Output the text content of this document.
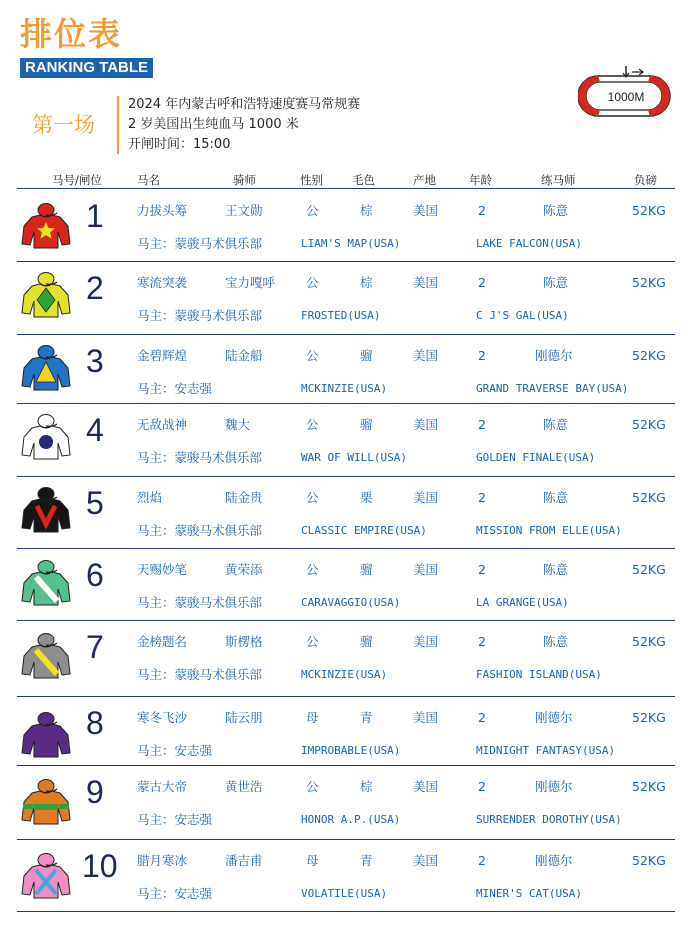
排位表
RANKING TABLE
第一场
2024 年内蒙古呼和浩特速度赛马常规赛
2 岁美国出生纯血马 1000 米
开闸时间：15:00
1000M
马号/闸位	马名	骑师	性别	毛色	产地	年龄	练马师	负磅
1	力拔头筹	王文勋	公	棕	美国	2	陈意	52KG
马主：蒙骏马术俱乐部	LIAM'S MAP(USA)	LAKE FALCON(USA)
2	寒流突袭	宝力嘎呼 公	棕	美国	2	陈意	52KG
马主：蒙骏马术俱乐部	FROSTED(USA)	C J'S GAL(USA)
3	金碧辉煌	陆金船	公	骝	美国	2	刚德尔	52KG
马主：安志强	MCKINZIE(USA)	GRAND TRAVERSE BAY(USA)
4	无敌战神	魏大	公	骝	美国	2	陈意	52KG
马主：蒙骏马术俱乐部	WAR OF WILL(USA)	GOLDEN FINALE(USA)
5	烈焰	陆金贵	公	栗	美国	2	陈意	52KG
马主：蒙骏马术俱乐部	CLASSIC EMPIRE(USA)	MISSION FROM ELLE(USA)
6	天赐妙笔	黄荣添	公	骝	美国	2	陈意	52KG
马主：蒙骏马术俱乐部	CARAVAGGIO(USA)	LA GRANGE(USA)
7	金榜题名	斯楞格	公	骝	美国	2	陈意	52KG
马主：蒙骏马术俱乐部	MCKINZIE(USA)	FASHION ISLAND(USA)
8	寒冬飞沙	陆云朋	母	青	美国	2	刚德尔	52KG
马主：安志强	IMPROBABLE(USA)	MIDNIGHT FANTASY(USA)
9	蒙古大帝	黄世浩	公	棕	美国	2	刚德尔	52KG
马主：安志强	HONOR A.P.(USA)	SURRENDER DOROTHY(USA)
10 腊月寒冰	潘吉甫	母	青	美国	2	刚德尔	52KG
马主：安志强	VOLATILE(USA)	MINER'S CAT(USA)
